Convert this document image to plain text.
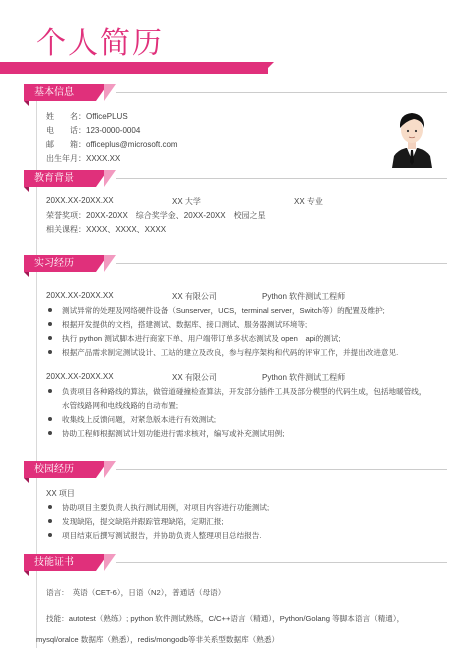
个人简历
基本信息
姓　　名：OfficePLUS
电　　话：123-0000-0004
邮　　箱：officeplus@microsoft.com
出生年月：XXXX.XX
教育背景
20XX.XX-20XX.XX	XX 大学	XX 专业
荣誉奖项：20XX-20XX　综合奖学金、20XX-20XX　校园之星
相关课程：XXXX、XXXX、XXXX
实习经历
20XX.XX-20XX.XX	XX 有限公司	Python 软件测试工程师
测试异常的处理及网络硬件设备（Sunserver，UCS，terminal server，Switch等）的配置及维护;
根据开发提供的文档，搭建测试、数据库、接口测试、服务器测试环境等;
执行 python 测试脚本进行商家下单、用户端带订单多状态测试及 open　api的测试;
根据产品需求制定测试设计、工站的建立及改良，参与程序架构和代码的评审工作，并提出改进意见.
20XX.XX-20XX.XX	XX 有限公司	Python 软件测试工程师
负责项目各种路线的算法，做管道碰撞检查算法，开发部分插件工具及部分模型的代码生成，包括地暖管线，
水管线路网和电线线路的自动布置;
收集线上反馈问题，对紧急版本进行有效测试;
协助工程师根据测试计划功能进行需求核对，编写或补充测试用例;
校园经历
XX 项目
协助项目主要负责人执行测试用例，对项目内容进行功能测试;
发现缺陷，提交缺陷并跟踪管理缺陷，定期汇报;
项目结束后撰写测试报告，并协助负责人整理项目总结报告.
技能证书
语言：　英语（CET-6），日语（N2），普通话（母语）
技能：autotest（熟练）; python 软件测试熟练，C/C++语言（精通），Python/Golang 等脚本语言（精通），
mysql/oralce 数据库（熟悉），redis/mongodb等非关系型数据库（熟悉）
